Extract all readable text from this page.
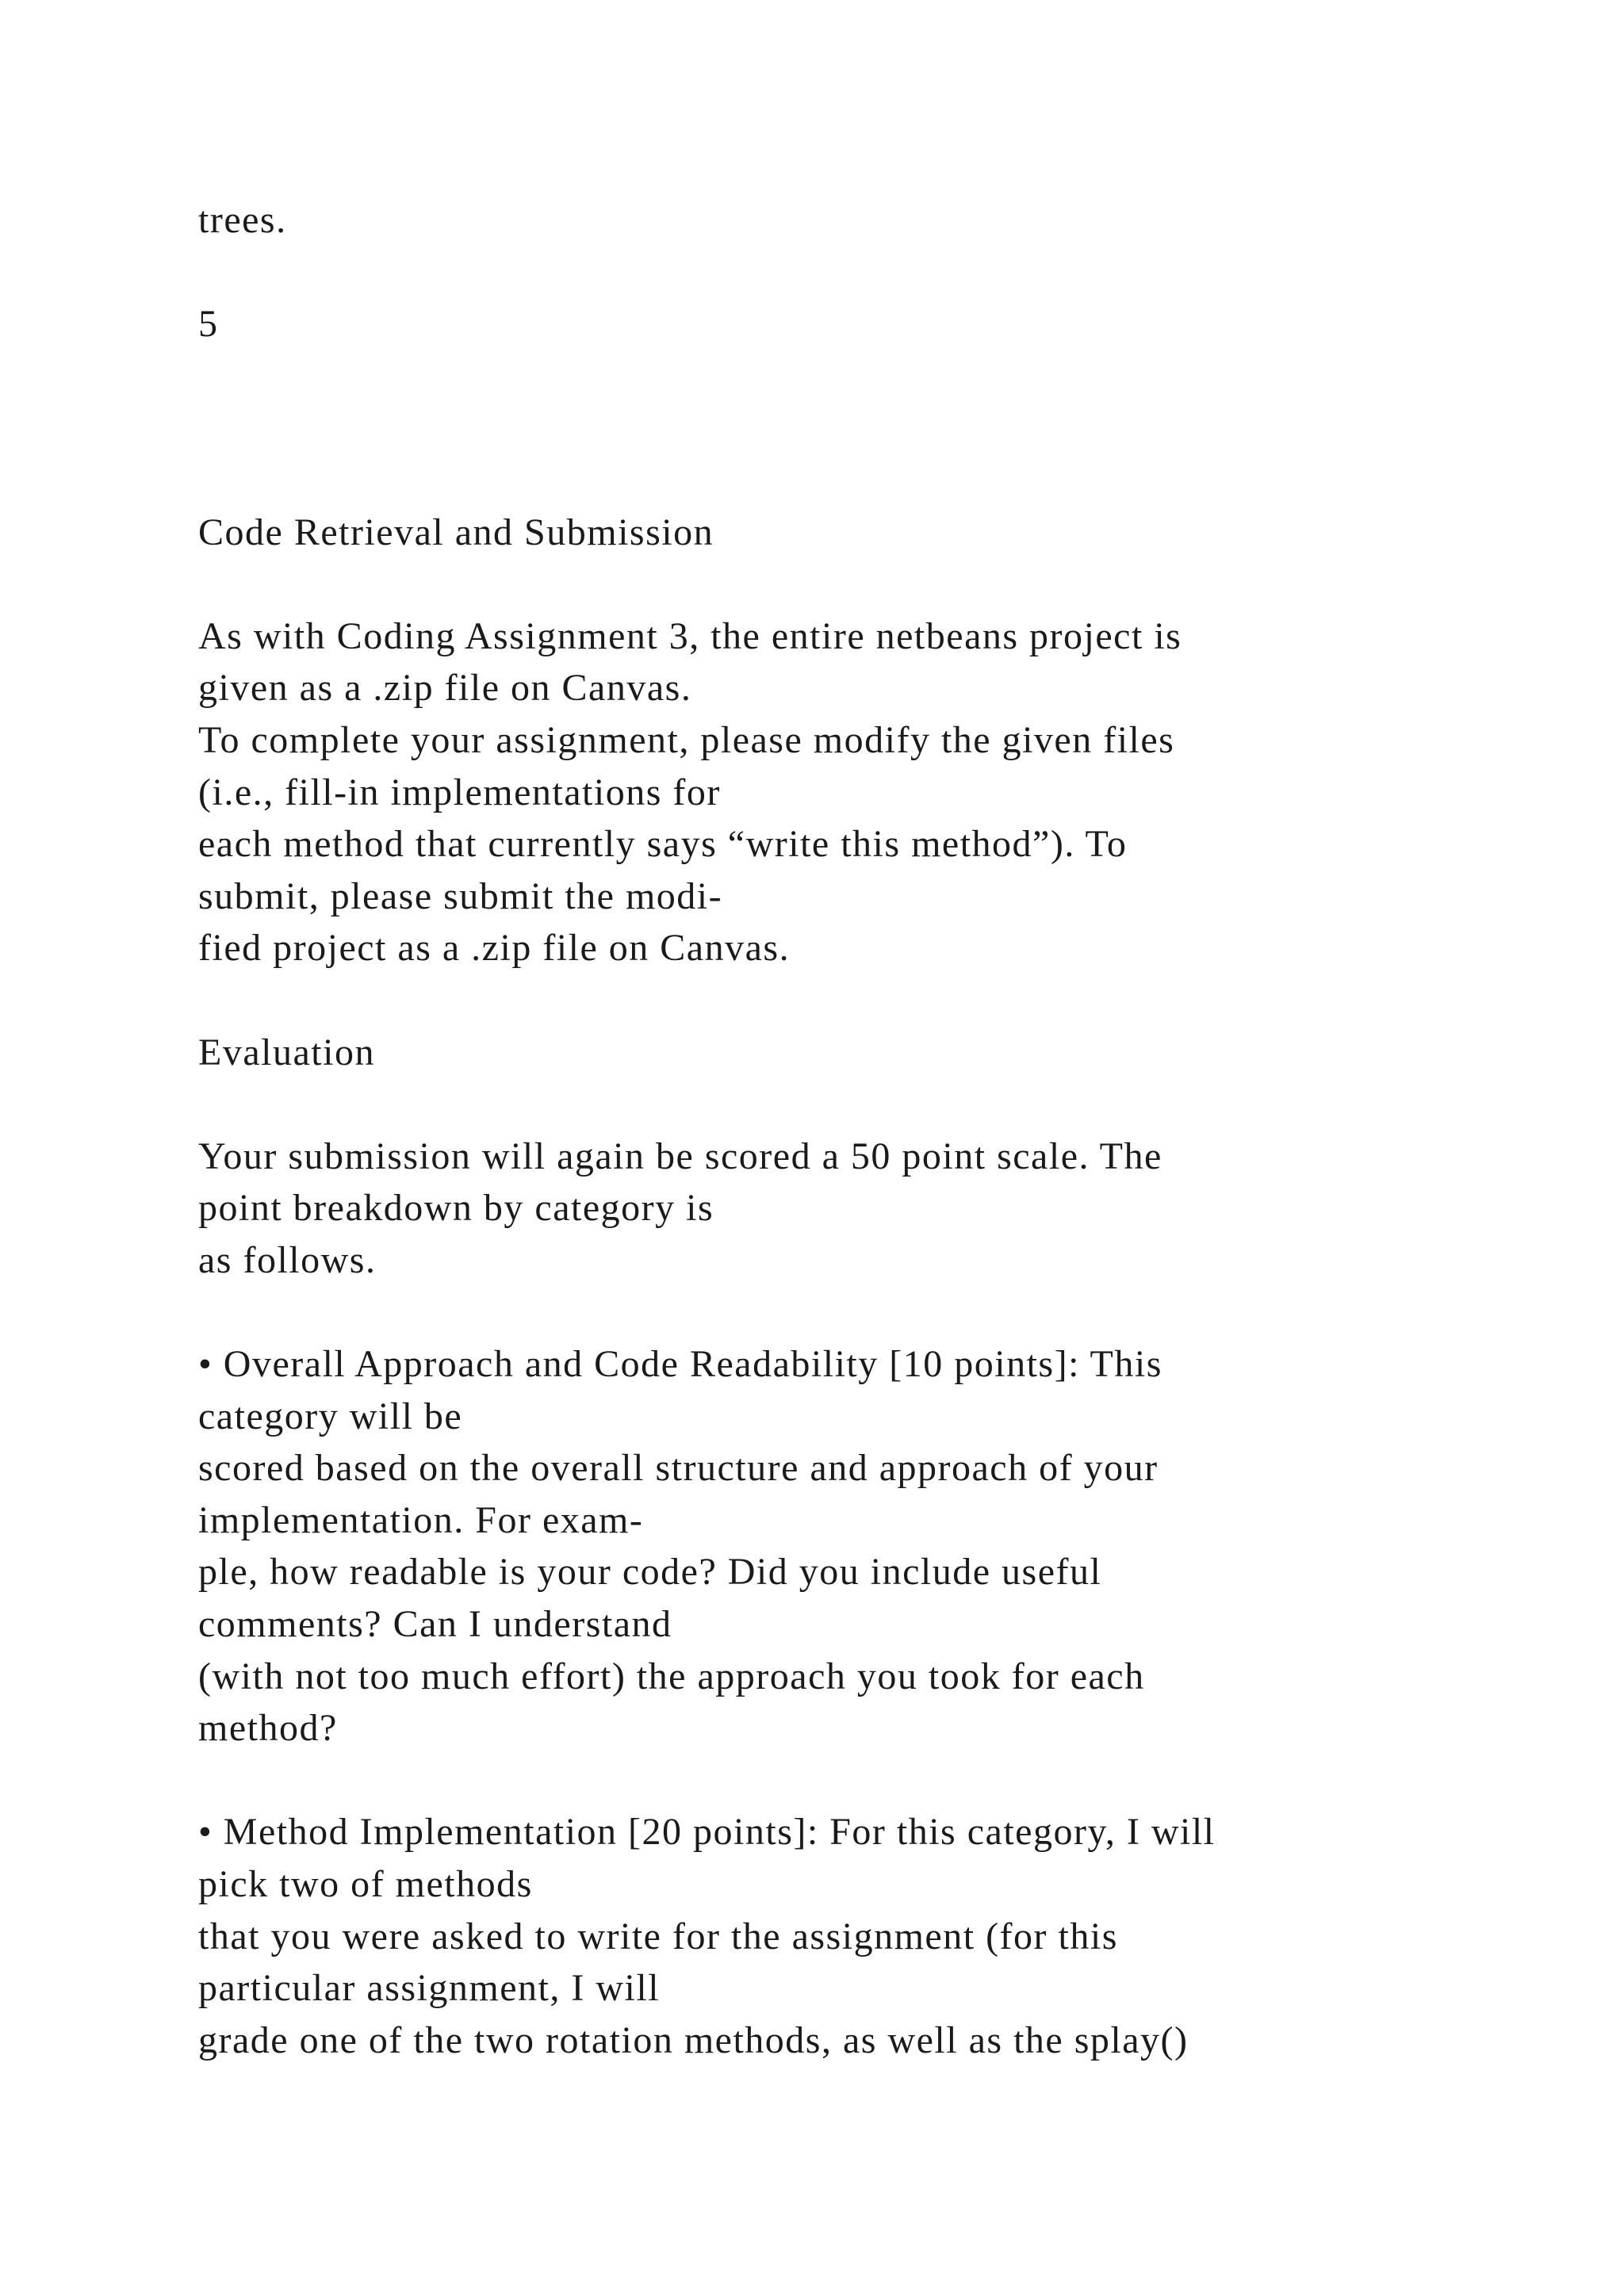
trees.
5
Code Retrieval and Submission
As with Coding Assignment 3, the entire netbeans project is
given as a .zip file on Canvas.
To complete your assignment, please modify the given files
(i.e., fill-in implementations for
each method that currently says “write this method”). To
submit, please submit the modi-
fied project as a .zip file on Canvas.
Evaluation
Your submission will again be scored a 50 point scale. The
point breakdown by category is
as follows.
• Overall Approach and Code Readability [10 points]: This
category will be
scored based on the overall structure and approach of your
implementation. For exam-
ple, how readable is your code? Did you include useful
comments? Can I understand
(with not too much effort) the approach you took for each
method?
• Method Implementation [20 points]: For this category, I will
pick two of methods
that you were asked to write for the assignment (for this
particular assignment, I will
grade one of the two rotation methods, as well as the splay()
